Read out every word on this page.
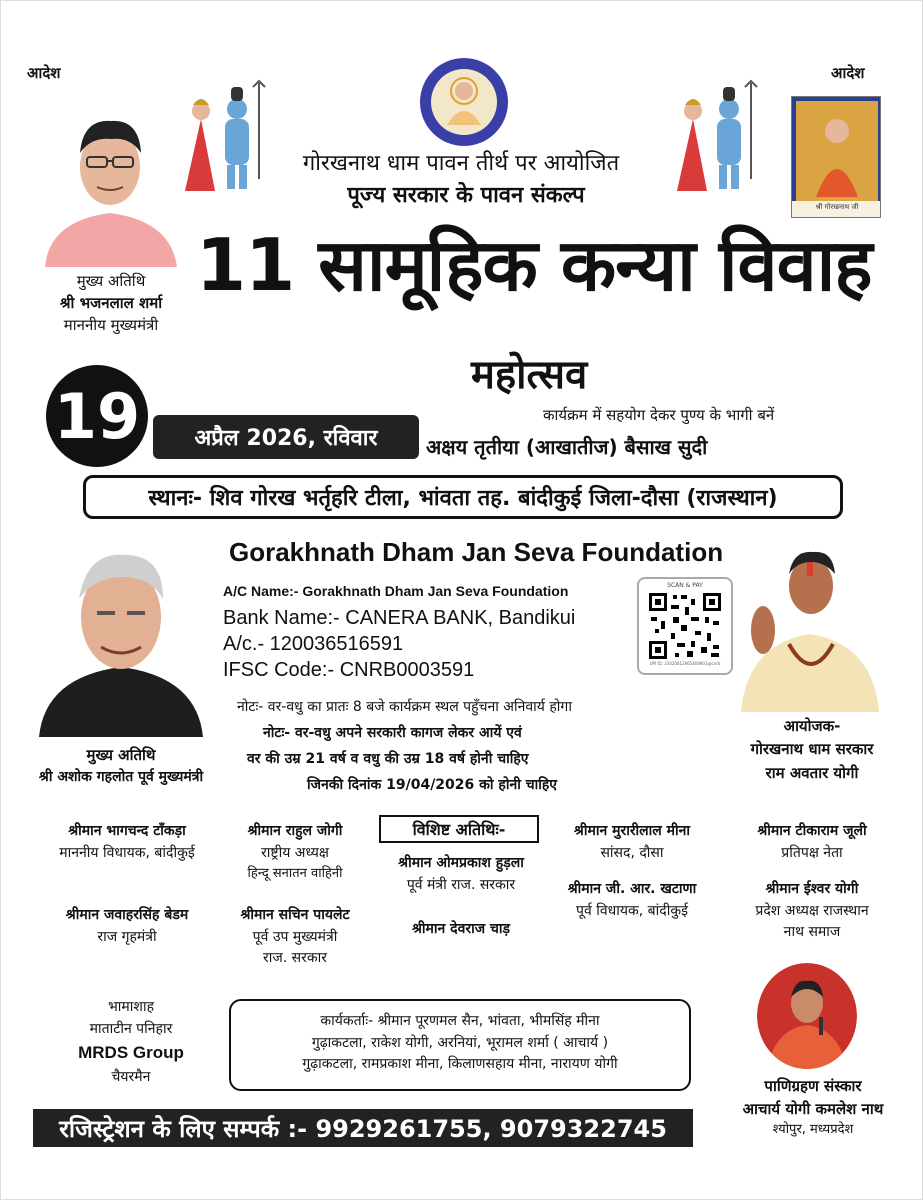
आदेश	आदेश
मुख्य अतिथि
श्री भजनलाल शर्मा
माननीय मुख्यमंत्री
श्री गोरखनाथ जी
गोरखनाथ धाम पावन तीर्थ पर आयोजित
पूज्य सरकार के पावन संकल्प
11 सामूहिक कन्या विवाह
महोत्सव
कार्यक्रम में सहयोग देकर पुण्य के भागी बनें
19	अप्रैल 2026, रविवार	अक्षय तृतीया (आखातीज) बैसाख सुदी
स्थानः- शिव गोरख भर्तृहरि टीला, भांवता तह. बांदीकुई जिला-दौसा (राजस्थान)
मुख्य अतिथि
श्री अशोक गहलोत पूर्व मुख्यमंत्री
Gorakhnath Dham Jan Seva Foundation
A/C Name:- Gorakhnath Dham Jan Seva Foundation
Bank Name:- CANERA BANK, Bandikui
A/c.- 120036516591
IFSC Code:- CNRB0003591
SCAN & PAY
UPI ID: 33420812665408901@cnrb
नोटः- वर-वधु का प्रातः 8 बजे कार्यक्रम स्थल पहुँचना अनिवार्य होगा
नोटः- वर-वधु अपने सरकारी कागज लेकर आयें एवं
वर की उम्र 21 वर्ष व वधु की उम्र 18 वर्ष होनी चाहिए
जिनकी दिनांक 19/04/2026 को होनी चाहिए
आयोजक-
गोरखनाथ धाम सरकार
राम अवतार योगी
श्रीमान भागचन्द टाँकड़ा
माननीय विधायक, बांदीकुई
श्रीमान जवाहरसिंह बेडम
राज गृहमंत्री
श्रीमान राहुल जोगी
राष्ट्रीय अध्यक्ष
हिन्दू सनातन वाहिनी
श्रीमान सचिन पायलेट
पूर्व उप मुख्यमंत्री
राज. सरकार
विशिष्ट अतिथिः-
श्रीमान ओमप्रकाश हुड़ला
पूर्व मंत्री राज. सरकार
श्रीमान देवराज चाड़
श्रीमान मुरारीलाल मीना
सांसद, दौसा
श्रीमान जी. आर. खटाणा
पूर्व विधायक, बांदीकुई
श्रीमान टीकाराम जूली
प्रतिपक्ष नेता
श्रीमान ईश्वर योगी
प्रदेश अध्यक्ष राजस्थान
नाथ समाज
भामाशाह
माताटीन पनिहार
MRDS Group
चैयरमैन
कार्यकर्ताः- श्रीमान पूरणमल सैन, भांवता, भीमसिंह मीना
गुढ़ाकटला, राकेश योगी, अरनियां, भूरामल शर्मा ( आचार्य )
गुढ़ाकटला, रामप्रकाश मीना, किलाणसहाय मीना, नारायण योगी
पाणिग्रहण संस्कार
आचार्य योगी कमलेश नाथ
श्योपुर, मध्यप्रदेश
रजिस्ट्रेशन के लिए सम्पर्क :- 9929261755, 9079322745
